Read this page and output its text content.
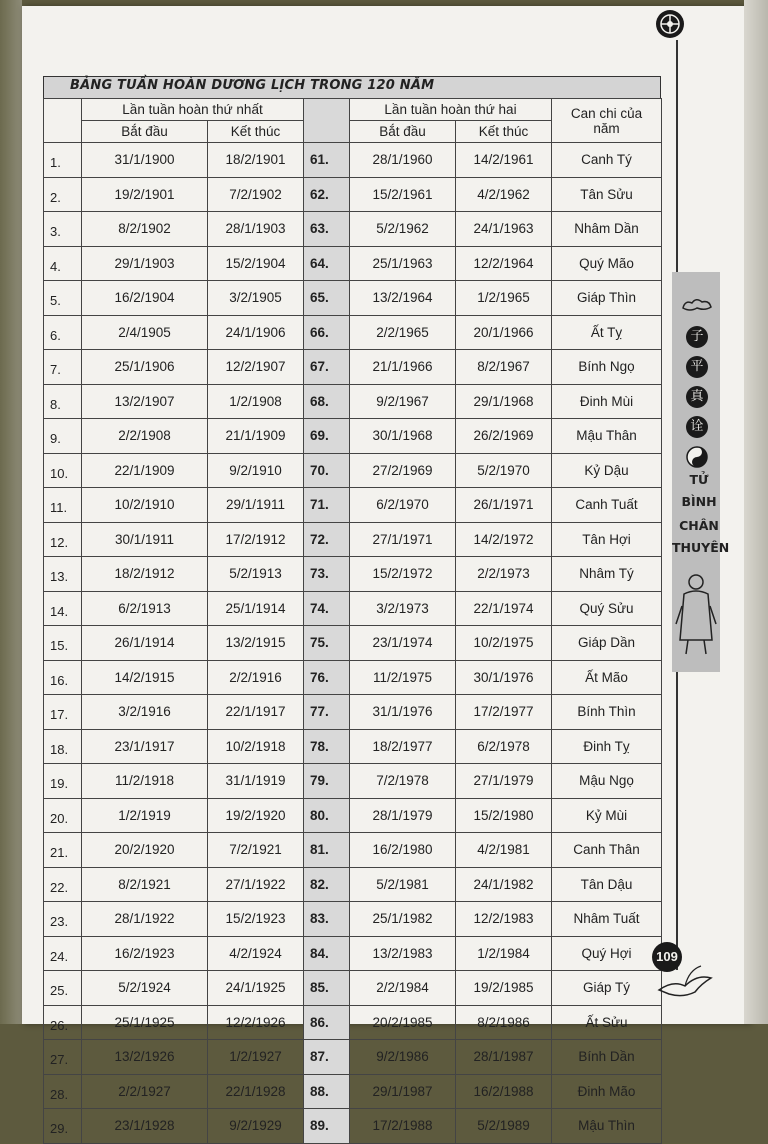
BẢNG TUẦN HOÀN DƯƠNG LỊCH TRONG 120 NĂM
	Lần tuần hoàn thứ nhất			Lần tuần hoàn thứ hai		Can chi của năm
	Bắt đầu	Kết thúc		Bắt đầu	Kết thúc	
1.	31/1/1900	18/2/1901	61.	28/1/1960	14/2/1961	Canh Tý
2.	19/2/1901	7/2/1902	62.	15/2/1961	4/2/1962	Tân Sửu
3.	8/2/1902	28/1/1903	63.	5/2/1962	24/1/1963	Nhâm Dần
4.	29/1/1903	15/2/1904	64.	25/1/1963	12/2/1964	Quý Mão
5.	16/2/1904	3/2/1905	65.	13/2/1964	1/2/1965	Giáp Thìn
6.	2/4/1905	24/1/1906	66.	2/2/1965	20/1/1966	Ất Tỵ
7.	25/1/1906	12/2/1907	67.	21/1/1966	8/2/1967	Bính Ngọ
8.	13/2/1907	1/2/1908	68.	9/2/1967	29/1/1968	Đinh Mùi
9.	2/2/1908	21/1/1909	69.	30/1/1968	26/2/1969	Mậu Thân
10.	22/1/1909	9/2/1910	70.	27/2/1969	5/2/1970	Kỷ Dậu
11.	10/2/1910	29/1/1911	71.	6/2/1970	26/1/1971	Canh Tuất
12.	30/1/1911	17/2/1912	72.	27/1/1971	14/2/1972	Tân Hợi
13.	18/2/1912	5/2/1913	73.	15/2/1972	2/2/1973	Nhâm Tý
14.	6/2/1913	25/1/1914	74.	3/2/1973	22/1/1974	Quý Sửu
15.	26/1/1914	13/2/1915	75.	23/1/1974	10/2/1975	Giáp Dần
16.	14/2/1915	2/2/1916	76.	11/2/1975	30/1/1976	Ất Mão
17.	3/2/1916	22/1/1917	77.	31/1/1976	17/2/1977	Bính Thìn
18.	23/1/1917	10/2/1918	78.	18/2/1977	6/2/1978	Đinh Tỵ
19.	11/2/1918	31/1/1919	79.	7/2/1978	27/1/1979	Mậu Ngọ
20.	1/2/1919	19/2/1920	80.	28/1/1979	15/2/1980	Kỷ Mùi
21.	20/2/1920	7/2/1921	81.	16/2/1980	4/2/1981	Canh Thân
22.	8/2/1921	27/1/1922	82.	5/2/1981	24/1/1982	Tân Dậu
23.	28/1/1922	15/2/1923	83.	25/1/1982	12/2/1983	Nhâm Tuất
24.	16/2/1923	4/2/1924	84.	13/2/1983	1/2/1984	Quý Hợi
25.	5/2/1924	24/1/1925	85.	2/2/1984	19/2/1985	Giáp Tý
26.	25/1/1925	12/2/1926	86.	20/2/1985	8/2/1986	Ất Sửu
27.	13/2/1926	1/2/1927	87.	9/2/1986	28/1/1987	Bính Dần
28.	2/2/1927	22/1/1928	88.	29/1/1987	16/2/1988	Đinh Mão
29.	23/1/1928	9/2/1929	89.	17/2/1988	5/2/1989	Mậu Thìn
子
平
真
诠
TỬ
BÌNH
CHÂN
THUYÊN
109
